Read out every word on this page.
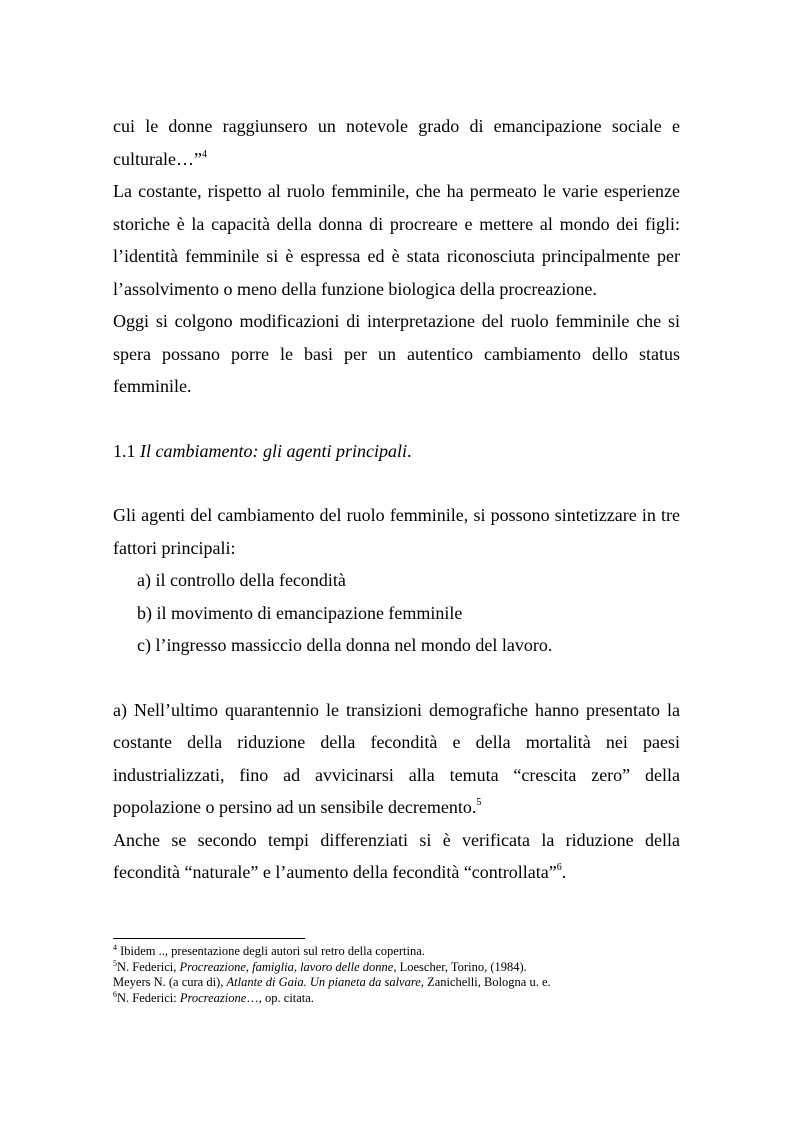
cui le donne raggiunsero un notevole grado di emancipazione sociale e culturale…”$^4$

La costante, rispetto al ruolo femminile, che ha permeato le varie esperienze storiche è la capacità della donna di procreare e mettere al mondo dei figli: l’identità femminile si è espressa ed è stata riconosciuta principalmente per l’assolvimento o meno della funzione biologica della procreazione.

Oggi si colgono modificazioni di interpretazione del ruolo femminile che si spera possano porre le basi per un autentico cambiamento dello status femminile.

1.1 Il cambiamento: gli agenti principali.

Gli agenti del cambiamento del ruolo femminile, si possono sintetizzare in tre fattori principali:

a) il controllo della fecondità
b) il movimento di emancipazione femminile
c) l’ingresso massiccio della donna nel mondo del lavoro.

a) Nell’ultimo quarantennio le transizioni demografiche hanno presentato la costante della riduzione della fecondità e della mortalità nei paesi industrializzati, fino ad avvicinarsi alla temuta “crescita zero” della popolazione o persino ad un sensibile decremento.$^5$

Anche se secondo tempi differenziati si è verificata la riduzione della fecondità “naturale” e l’aumento della fecondità “controllata”$^6$.

$^4$ Ibidem .., presentazione degli autori sul retro della copertina.

$^5$N. Federici, Procreazione, famiglia, lavoro delle donne, Loescher, Torino, (1984).

Meyers N. (a cura di), Atlante di Gaia. Un pianeta da salvare, Zanichelli, Bologna u. e.

$^6$N. Federici: Procreazione…, op. citata.
